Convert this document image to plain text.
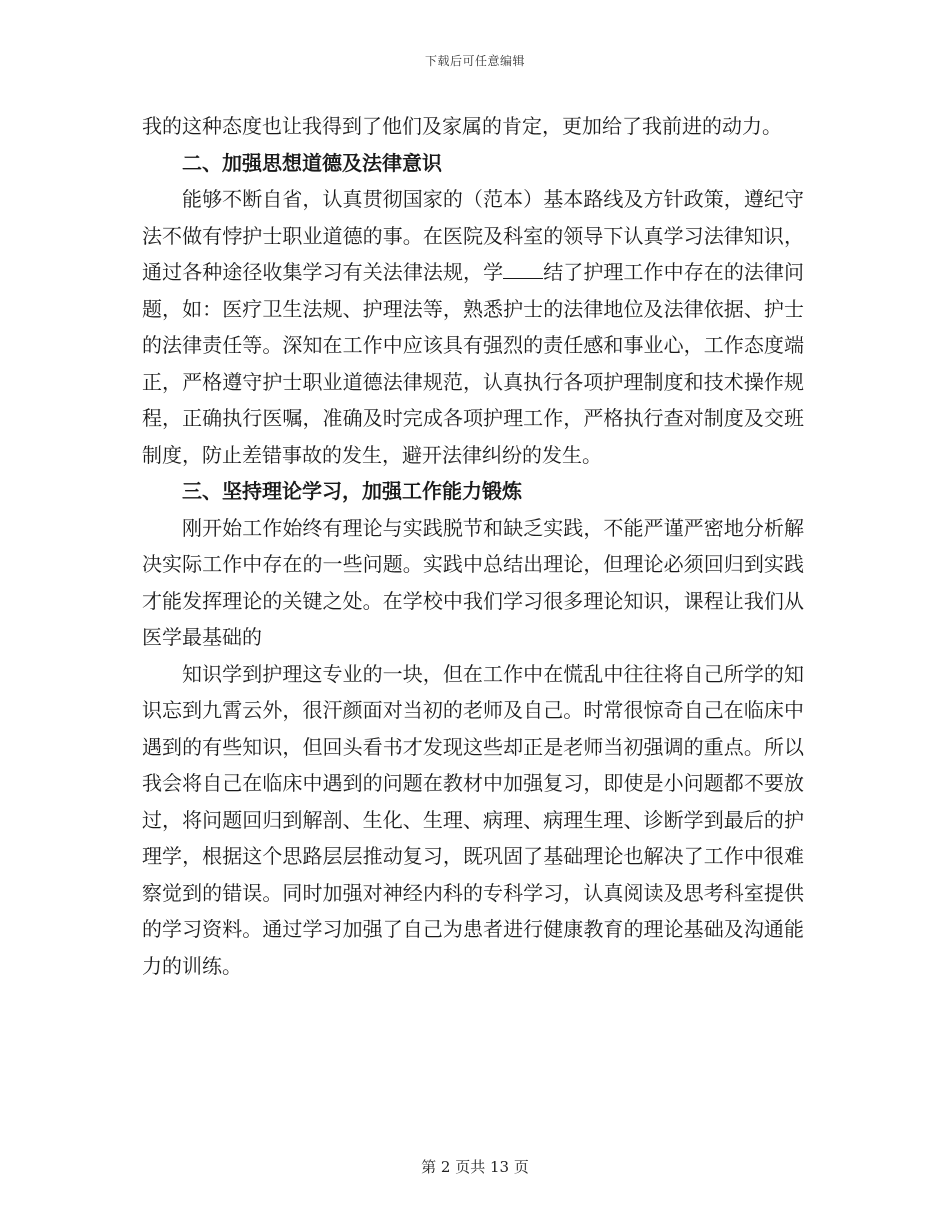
下载后可任意编辑

我的这种态度也让我得到了他们及家属的肯定，更加给了我前进的动力。

二、加强思想道德及法律意识

能够不断自省，认真贯彻国家的（范本）基本路线及方针政策，遵纪守法不做有悖护士职业道德的事。在医院及科室的领导下认真学习法律知识，通过各种途径收集学习有关法律法规，学 结了护理工作中存在的法律问题，如：医疗卫生法规、护理法等，熟悉护士的法律地位及法律依据、护士的法律责任等。深知在工作中应该具有强烈的责任感和事业心，工作态度端正，严格遵守护士职业道德法律规范，认真执行各项护理制度和技术操作规程，正确执行医嘱，准确及时完成各项护理工作，严格执行查对制度及交班制度，防止差错事故的发生，避开法律纠纷的发生。

三、坚持理论学习，加强工作能力锻炼

刚开始工作始终有理论与实践脱节和缺乏实践，不能严谨严密地分析解决实际工作中存在的一些问题。实践中总结出理论，但理论必须回归到实践才能发挥理论的关键之处。在学校中我们学习很多理论知识，课程让我们从医学最基础的

知识学到护理这专业的一块，但在工作中在慌乱中往往将自己所学的知识忘到九霄云外，很汗颜面对当初的老师及自己。时常很惊奇自己在临床中遇到的有些知识，但回头看书才发现这些却正是老师当初强调的重点。所以我会将自己在临床中遇到的问题在教材中加强复习，即使是小问题都不要放过，将问题回归到解剖、生化、生理、病理、病理生理、诊断学到最后的护理学，根据这个思路层层推动复习，既巩固了基础理论也解决了工作中很难察觉到的错误。同时加强对神经内科的专科学习，认真阅读及思考科室提供的学习资料。通过学习加强了自己为患者进行健康教育的理论基础及沟通能力的训练。

第 2 页共 13 页
